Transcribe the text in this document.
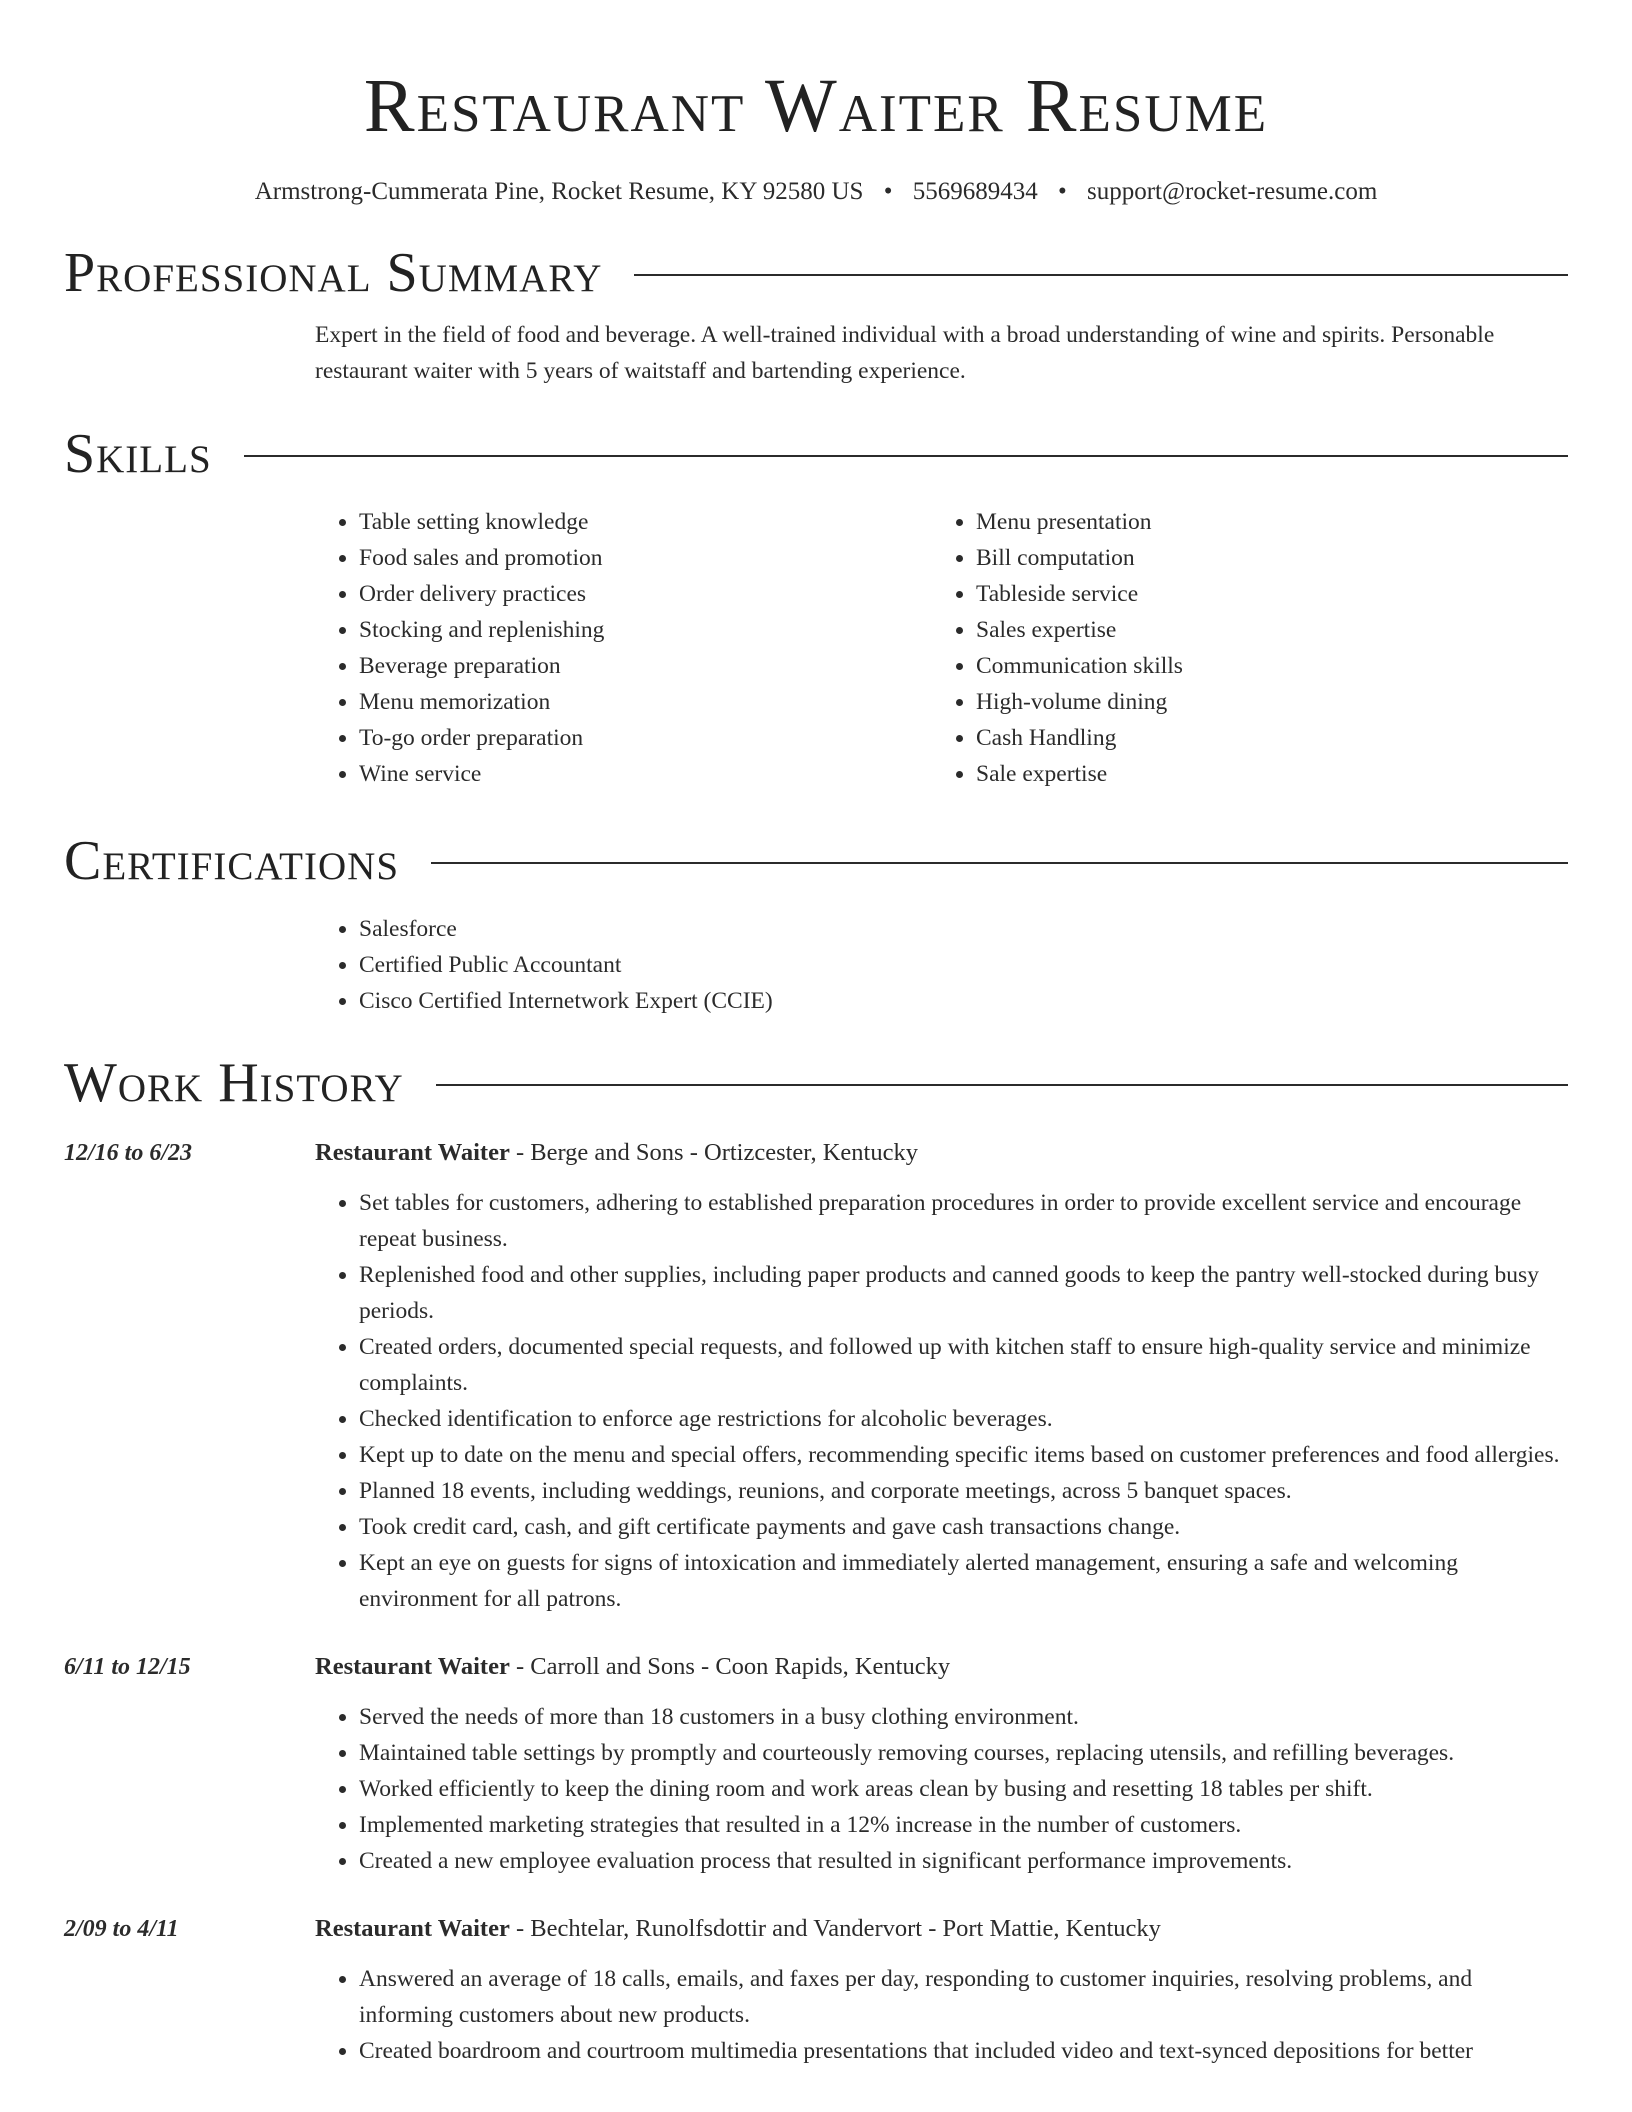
Restaurant Waiter Resume
Armstrong-Cummerata Pine, Rocket Resume, KY 92580 US • 5569689434 • support@rocket-resume.com
Professional Summary

Expert in the field of food and beverage. A well-trained individual with a broad understanding of wine and spirits. Personable restaurant waiter with 5 years of waitstaff and bartending experience.

Skills
• Table setting knowledge
• Food sales and promotion
• Order delivery practices
• Stocking and replenishing
• Beverage preparation
• Menu memorization
• To-go order preparation
• Wine service
• Menu presentation
• Bill computation
• Tableside service
• Sales expertise
• Communication skills
• High-volume dining
• Cash Handling
• Sale expertise
Certifications
• Salesforce
• Certified Public Accountant
• Cisco Certified Internetwork Expert (CCIE)
Work History
12/16 to 6/23	Restaurant Waiter - Berge and Sons - Ortizcester, Kentucky
• Set tables for customers, adhering to established preparation procedures in order to provide excellent service and encourage repeat business.
• Replenished food and other supplies, including paper products and canned goods to keep the pantry well-stocked during busy periods.
• Created orders, documented special requests, and followed up with kitchen staff to ensure high-quality service and minimize complaints.
• Checked identification to enforce age restrictions for alcoholic beverages.
• Kept up to date on the menu and special offers, recommending specific items based on customer preferences and food allergies.
• Planned 18 events, including weddings, reunions, and corporate meetings, across 5 banquet spaces.
• Took credit card, cash, and gift certificate payments and gave cash transactions change.
• Kept an eye on guests for signs of intoxication and immediately alerted management, ensuring a safe and welcoming environment for all patrons.
6/11 to 12/15	Restaurant Waiter - Carroll and Sons - Coon Rapids, Kentucky
• Served the needs of more than 18 customers in a busy clothing environment.
• Maintained table settings by promptly and courteously removing courses, replacing utensils, and refilling beverages.
• Worked efficiently to keep the dining room and work areas clean by busing and resetting 18 tables per shift.
• Implemented marketing strategies that resulted in a 12% increase in the number of customers.
• Created a new employee evaluation process that resulted in significant performance improvements.
2/09 to 4/11	Restaurant Waiter - Bechtelar, Runolfsdottir and Vandervort - Port Mattie, Kentucky
• Answered an average of 18 calls, emails, and faxes per day, responding to customer inquiries, resolving problems, and informing customers about new products.
• Created boardroom and courtroom multimedia presentations that included video and text-synced depositions for better
